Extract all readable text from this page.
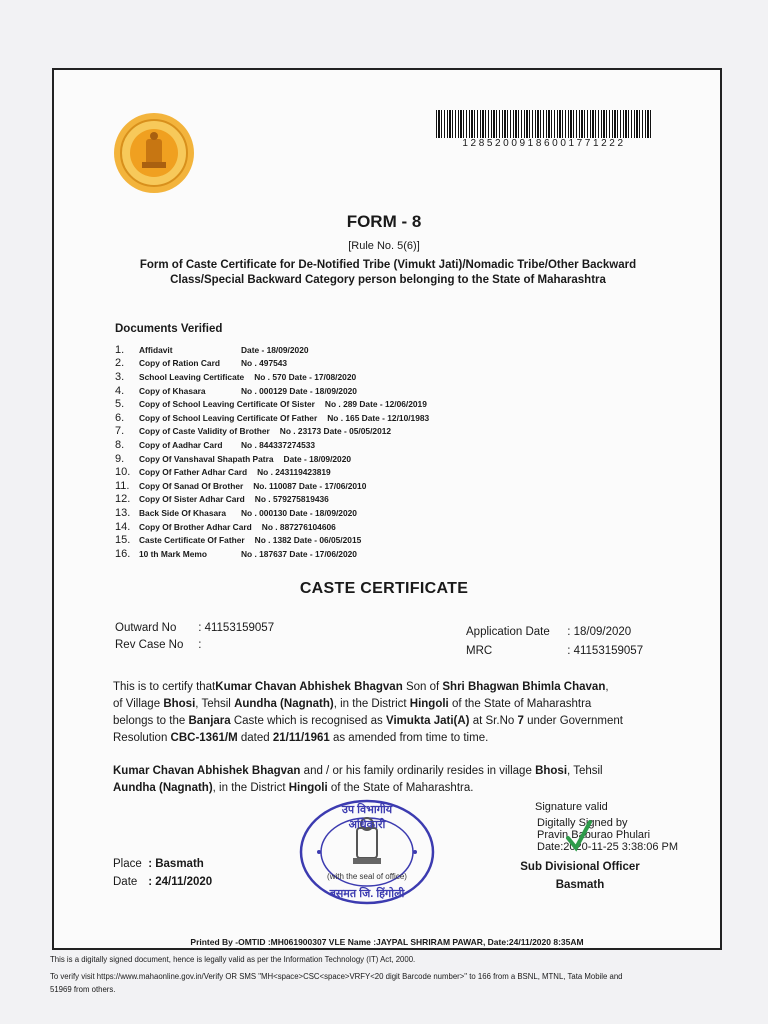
12852009186001771222
FORM - 8
[Rule No. 5(6)]
Form of Caste Certificate for De-Notified Tribe (Vimukt Jati)/Nomadic Tribe/Other Backward
Class/Special Backward Category person belonging to the State of Maharashtra
Documents Verified
1.	Affidavit	Date - 18/09/2020
2.	Copy of Ration Card	No . 497543
3.	School Leaving Certificate No . 570 Date - 17/08/2020
4.	Copy of Khasara	No . 000129 Date - 18/09/2020
5.	Copy of School Leaving Certificate Of Sister No . 289 Date - 12/06/2019
6.	Copy of School Leaving Certificate Of Father No . 165 Date - 12/10/1983
7.	Copy of Caste Validity of Brother No . 23173 Date - 05/05/2012
8.	Copy of Aadhar Card	No . 844337274533
9.	Copy Of Vanshaval Shapath Patra Date - 18/09/2020
10.	Copy Of Father Adhar Card No . 243119423819
11.	Copy Of Sanad Of Brother No. 110087 Date - 17/06/2010
12.	Copy Of Sister Adhar Card No . 579275819436
13.	Back Side Of Khasara	No . 000130 Date - 18/09/2020
14.	Copy Of Brother Adhar Card No . 887276104606
15.	Caste Certificate Of Father No . 1382 Date - 06/05/2015
16.	10 th Mark Memo	No . 187637 Date - 17/06/2020
CASTE CERTIFICATE
Outward No : 41153159057
Rev Case No :
Application Date : 18/09/2020
MRC	: 41153159057
This is to certify thatKumar Chavan Abhishek Bhagvan Son of Shri Bhagwan Bhimla Chavan,
of Village Bhosi, Tehsil Aundha (Nagnath), in the District Hingoli of the State of Maharashtra
belongs to the Banjara Caste which is recognised as Vimukta Jati(A) at Sr.No 7 under Government
Resolution CBC-1361/M dated 21/11/1961 as amended from time to time.
Kumar Chavan Abhishek Bhagvan and / or his family ordinarily resides in village Bhosi, Tehsil
Aundha (Nagnath), in the District Hingoli of the State of Maharashtra.
उप विभागीय अधिकारी
बसमत जि. हिंगोली
(with the seal of office)
Signature valid
Digitally Signed by
Pravin Baburao Phulari
Date:2020-11-25 3:38:06 PM
Sub Divisional Officer
Basmath
Place : Basmath
Date : 24/11/2020
Printed By -OMTID :MH061900307 VLE Name :JAYPAL SHRIRAM PAWAR, Date:24/11/2020 8:35AM
This is a digitally signed document, hence is legally valid as per the Information Technology (IT) Act, 2000.
To verify visit https://www.mahaonline.gov.in/Verify OR SMS "MH<space>CSC<space>VRFY<20 digit Barcode number>" to 166 from a BSNL, MTNL, Tata Mobile and
51969 from others.
